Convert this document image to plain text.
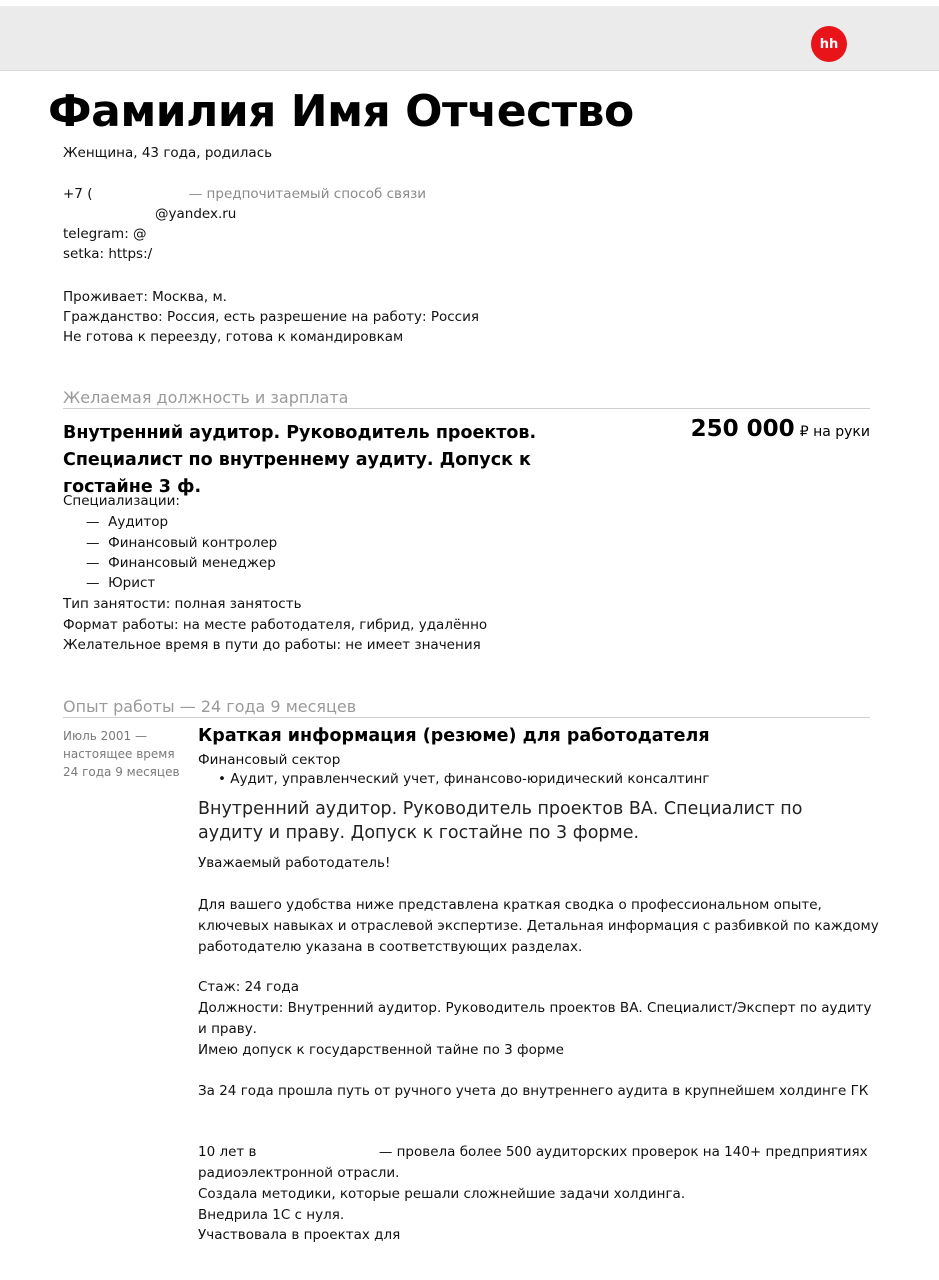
hh
Фамилия Имя Отчество
Женщина, 43 года, родилась
+7 (	— предпочитаемый способ связи
@yandex.ru
telegram: @
setka: https:/
Проживает: Москва, м.
Гражданство: Россия, есть разрешение на работу: Россия
Не готова к переезду, готова к командировкам
Желаемая должность и зарплата
Внутренний аудитор. Руководитель проектов. Специалист по внутреннему аудиту. Допуск к гостайне 3 ф.
250 000 ₽ на руки
Специализации:
— Аудитор
— Финансовый контролер
— Финансовый менеджер
— Юрист
Тип занятости: полная занятость
Формат работы: на месте работодателя, гибрид, удалённо
Желательное время в пути до работы: не имеет значения
Опыт работы — 24 года 9 месяцев
Июль 2001 — настоящее время
24 года 9 месяцев
Краткая информация (резюме) для работодателя
Финансовый сектор
• Аудит, управленческий учет, финансово-юридический консалтинг
Внутренний аудитор. Руководитель проектов ВА. Специалист по аудиту и праву. Допуск к гостайне по 3 форме.
Уважаемый работодатель!
Для вашего удобства ниже представлена краткая сводка о профессиональном опыте, ключевых навыках и отраслевой экспертизе. Детальная информация с разбивкой по каждому работодателю указана в соответствующих разделах.
Стаж: 24 года
Должности: Внутренний аудитор. Руководитель проектов ВА. Специалист/Эксперт по аудиту и праву.
Имею допуск к государственной тайне по 3 форме
За 24 года прошла путь от ручного учета до внутреннего аудита в крупнейшем холдинге ГК
10 лет в	— провела более 500 аудиторских проверок на 140+ предприятиях радиоэлектронной отрасли.
Создала методики, которые решали сложнейшие задачи холдинга.
Внедрила 1С с нуля.
Участвовала в проектах для
